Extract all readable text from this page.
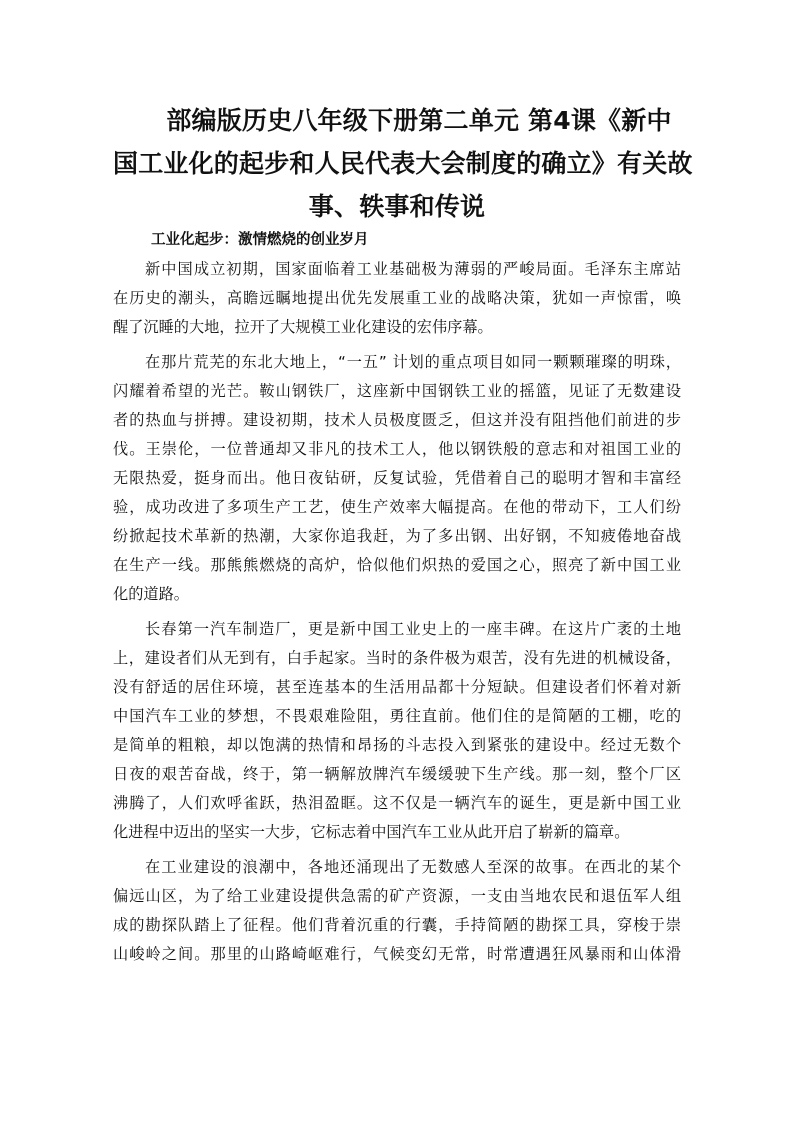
部编版历史八年级下册第二单元 第4课《新中
国工业化的起步和人民代表大会制度的确立》有关故
事、轶事和传说

工业化起步：激情燃烧的创业岁月

新中国成立初期，国家面临着工业基础极为薄弱的严峻局面。毛泽东主席站
在历史的潮头，高瞻远瞩地提出优先发展重工业的战略决策，犹如一声惊雷，唤
醒了沉睡的大地，拉开了大规模工业化建设的宏伟序幕。
在那片荒芜的东北大地上，“一五” 计划的重点项目如同一颗颗璀璨的明珠，
闪耀着希望的光芒。鞍山钢铁厂，这座新中国钢铁工业的摇篮，见证了无数建设
者的热血与拼搏。建设初期，技术人员极度匮乏，但这并没有阻挡他们前进的步
伐。王崇伦，一位普通却又非凡的技术工人，他以钢铁般的意志和对祖国工业的
无限热爱，挺身而出。他日夜钻研，反复试验，凭借着自己的聪明才智和丰富经
验，成功改进了多项生产工艺，使生产效率大幅提高。在他的带动下，工人们纷
纷掀起技术革新的热潮，大家你追我赶，为了多出钢、出好钢，不知疲倦地奋战
在生产一线。那熊熊燃烧的高炉，恰似他们炽热的爱国之心，照亮了新中国工业
化的道路。
长春第一汽车制造厂，更是新中国工业史上的一座丰碑。在这片广袤的土地
上，建设者们从无到有，白手起家。当时的条件极为艰苦，没有先进的机械设备，
没有舒适的居住环境，甚至连基本的生活用品都十分短缺。但建设者们怀着对新
中国汽车工业的梦想，不畏艰难险阻，勇往直前。他们住的是简陋的工棚，吃的
是简单的粗粮，却以饱满的热情和昂扬的斗志投入到紧张的建设中。经过无数个
日夜的艰苦奋战，终于，第一辆解放牌汽车缓缓驶下生产线。那一刻，整个厂区
沸腾了，人们欢呼雀跃，热泪盈眶。这不仅是一辆汽车的诞生，更是新中国工业
化进程中迈出的坚实一大步，它标志着中国汽车工业从此开启了崭新的篇章。
在工业建设的浪潮中，各地还涌现出了无数感人至深的故事。在西北的某个
偏远山区，为了给工业建设提供急需的矿产资源，一支由当地农民和退伍军人组
成的勘探队踏上了征程。他们背着沉重的行囊，手持简陋的勘探工具，穿梭于崇
山峻岭之间。那里的山路崎岖难行，气候变幻无常，时常遭遇狂风暴雨和山体滑
